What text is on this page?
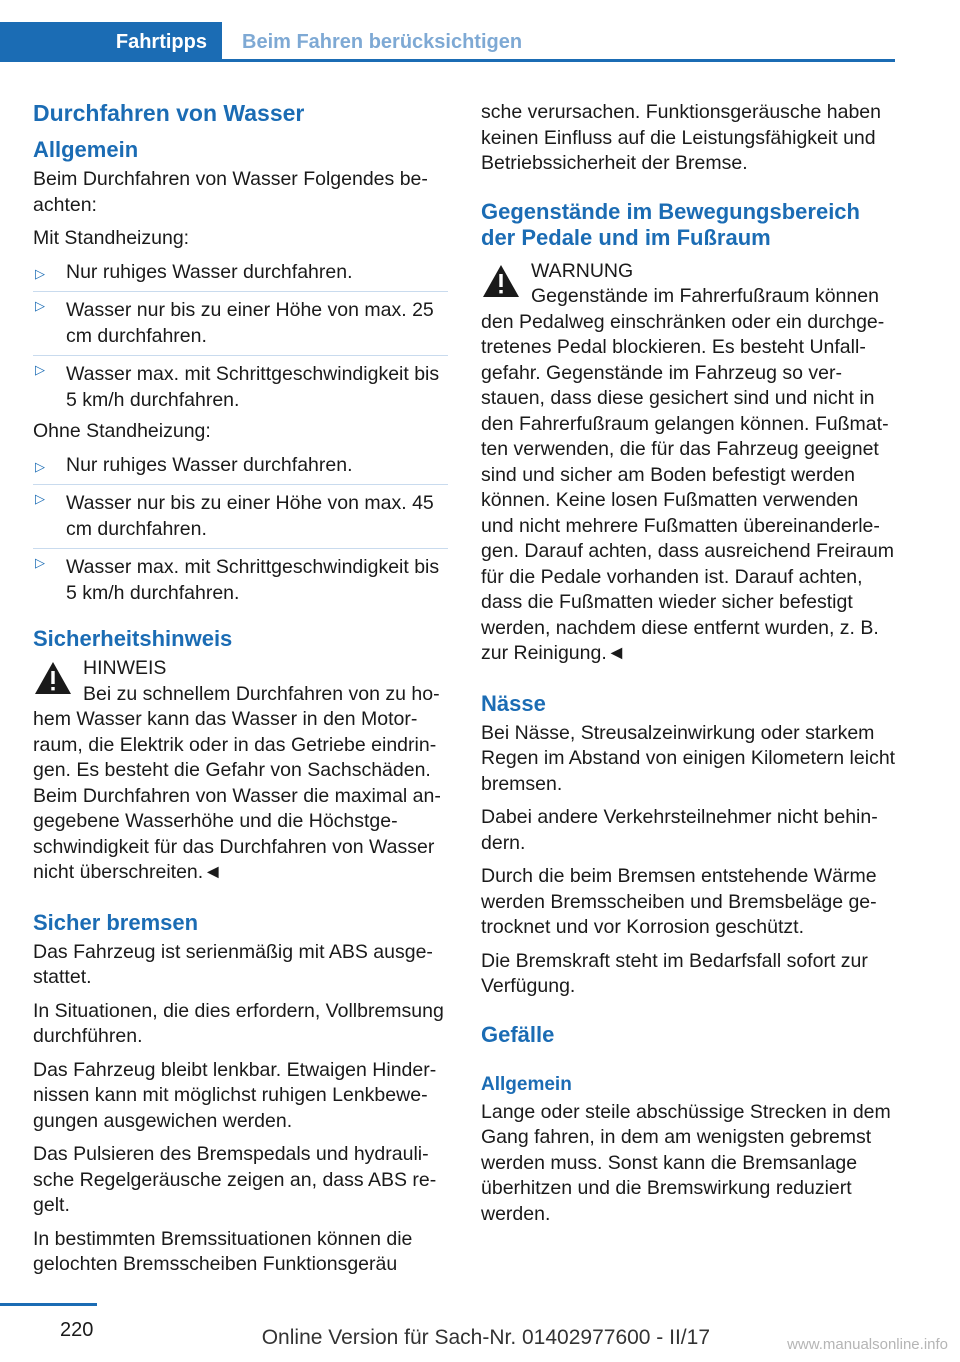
Fahrtipps	Beim Fahren berücksichtigen
Durchfahren von Wasser
Allgemein

Beim Durchfahren von Wasser Folgendes beachten:

Mit Standheizung:

▷ Nur ruhiges Wasser durchfahren.
▷ Wasser nur bis zu einer Höhe von max. 25 cm durchfahren.
▷ Wasser max. mit Schrittgeschwindigkeit bis 5 km/h durchfahren.

Ohne Standheizung:

▷ Nur ruhiges Wasser durchfahren.
▷ Wasser nur bis zu einer Höhe von max. 45 cm durchfahren.
▷ Wasser max. mit Schrittgeschwindigkeit bis 5 km/h durchfahren.
Sicherheitshinweis

HINWEIS

Bei zu schnellem Durchfahren von zu hohem Wasser kann das Wasser in den Motorraum, die Elektrik oder in das Getriebe eindringen. Es besteht die Gefahr von Sachschäden. Beim Durchfahren von Wasser die maximal angegebene Wasserhöhe und die Höchstgeschwindigkeit für das Durchfahren von Wasser nicht überschreiten.◄

Sicher bremsen

Das Fahrzeug ist serienmäßig mit ABS ausgestattet.

In Situationen, die dies erfordern, Vollbremsung durchführen.

Das Fahrzeug bleibt lenkbar. Etwaigen Hindernissen kann mit möglichst ruhigen Lenkbewegungen ausgewichen werden.

Das Pulsieren des Bremspedals und hydraulische Regelgeräusche zeigen an, dass ABS regelt.

In bestimmten Bremssituationen können die gelochten Bremsscheiben Funktionsgeräu

sche verursachen. Funktionsgeräusche haben keinen Einfluss auf die Leistungsfähigkeit und Betriebssicherheit der Bremse.

Gegenstände im Bewegungsbereich der Pedale und im Fußraum

WARNUNG

Gegenstände im Fahrerfußraum können den Pedalweg einschränken oder ein durchgetretenes Pedal blockieren. Es besteht Unfallgefahr. Gegenstände im Fahrzeug so verstauen, dass diese gesichert sind und nicht in den Fahrerfußraum gelangen können. Fußmatten verwenden, die für das Fahrzeug geeignet sind und sicher am Boden befestigt werden können. Keine losen Fußmatten verwenden und nicht mehrere Fußmatten übereinanderlegen. Darauf achten, dass ausreichend Freiraum für die Pedale vorhanden ist. Darauf achten, dass die Fußmatten wieder sicher befestigt werden, nachdem diese entfernt wurden, z. B. zur Reinigung.◄

Nässe

Bei Nässe, Streusalzeinwirkung oder starkem Regen im Abstand von einigen Kilometern leicht bremsen.

Dabei andere Verkehrsteilnehmer nicht behindern.

Durch die beim Bremsen entstehende Wärme werden Bremsscheiben und Bremsbeläge getrocknet und vor Korrosion geschützt.

Die Bremskraft steht im Bedarfsfall sofort zur Verfügung.

Gefälle
Allgemein

Lange oder steile abschüssige Strecken in dem Gang fahren, in dem am wenigsten gebremst werden muss. Sonst kann die Bremsanlage überhitzen und die Bremswirkung reduziert werden.

220	Online Version für Sach-Nr. 01402977600 - II/17	www.manualsonline.info
